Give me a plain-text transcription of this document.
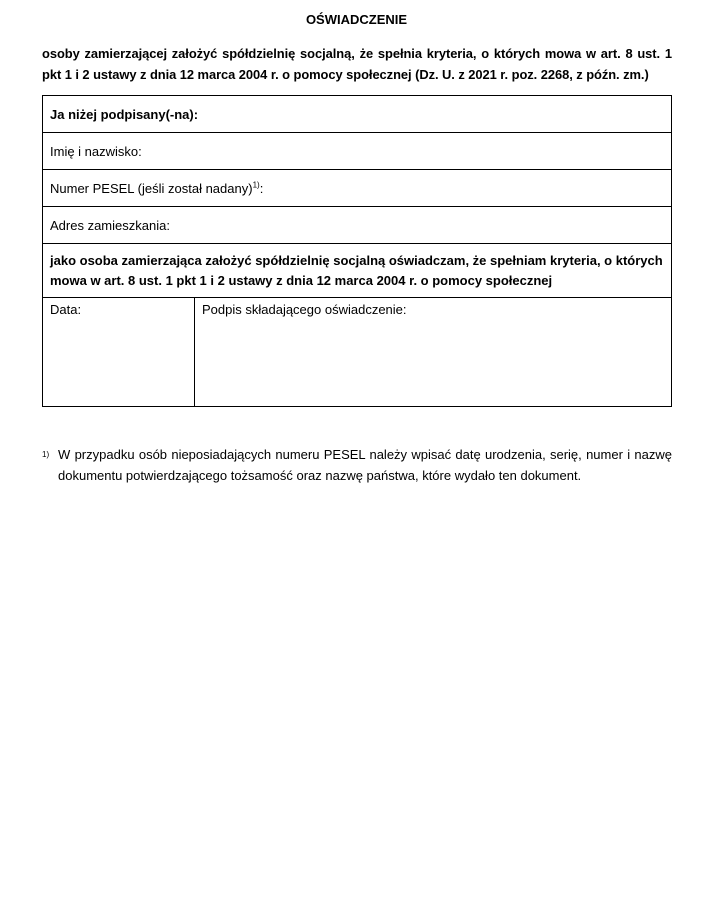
OŚWIADCZENIE
osoby zamierzającej założyć spółdzielnię socjalną, że spełnia kryteria, o których mowa w art. 8 ust. 1 pkt 1 i 2 ustawy z dnia 12 marca 2004 r. o pomocy społecznej (Dz. U. z 2021 r. poz. 2268, z późn. zm.)
Ja niżej podpisany(-na):
Imię i nazwisko:
Numer PESEL (jeśli został nadany)$^{1)}$:
Adres zamieszkania:
jako osoba zamierzająca założyć spółdzielnię socjalną oświadczam, że spełniam kryteria, o których mowa w art. 8 ust. 1 pkt 1 i 2 ustawy z dnia 12 marca 2004 r. o pomocy społecznej
Data:	Podpis składającego oświadczenie:
1) W przypadku osób nieposiadających numeru PESEL należy wpisać datę urodzenia, serię, numer i nazwę dokumentu potwierdzającego tożsamość oraz nazwę państwa, które wydało ten dokument.
